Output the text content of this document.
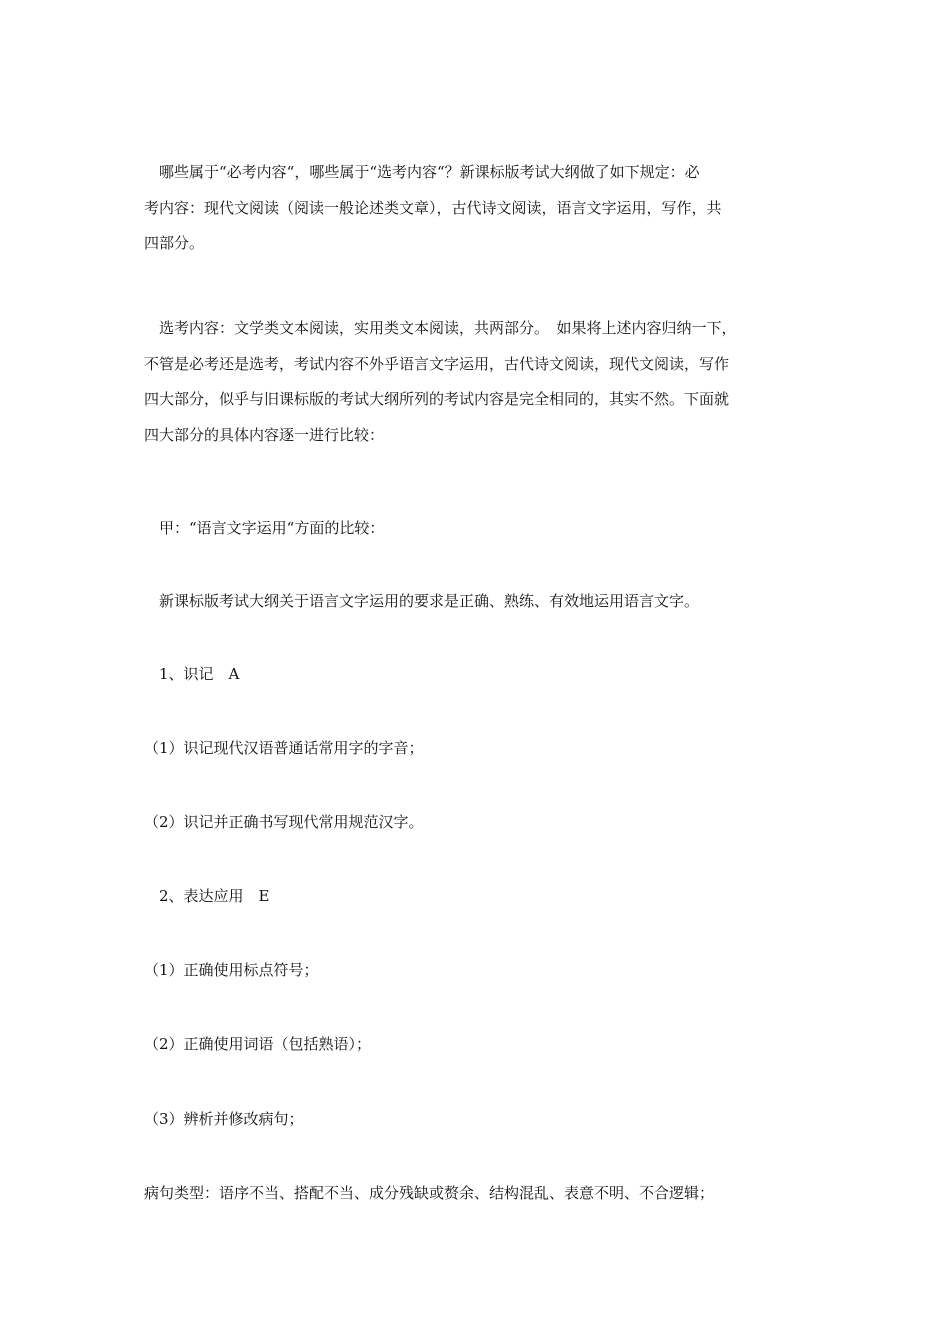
　哪些属于“必考内容“，哪些属于“选考内容“？新课标版考试大纲做了如下规定：必
考内容：现代文阅读（阅读一般论述类文章），古代诗文阅读，语言文字运用，写作，共
四部分。
　选考内容：文学类文本阅读，实用类文本阅读，共两部分。　如果将上述内容归纳一下，
不管是必考还是选考，考试内容不外乎语言文字运用，古代诗文阅读，现代文阅读，写作
四大部分，似乎与旧课标版的考试大纲所列的考试内容是完全相同的，其实不然。下面就
四大部分的具体内容逐一进行比较：

　甲：“语言文字运用“方面的比较：

　新课标版考试大纲关于语言文字运用的要求是正确、熟练、有效地运用语言文字。

　1、识记　A

（1）识记现代汉语普通话常用字的字音；

（2）识记并正确书写现代常用规范汉字。

　2、表达应用　E

（1）正确使用标点符号；

（2）正确使用词语（包括熟语）；

（3）辨析并修改病句；

病句类型：语序不当、搭配不当、成分残缺或赘余、结构混乱、表意不明、不合逻辑；
